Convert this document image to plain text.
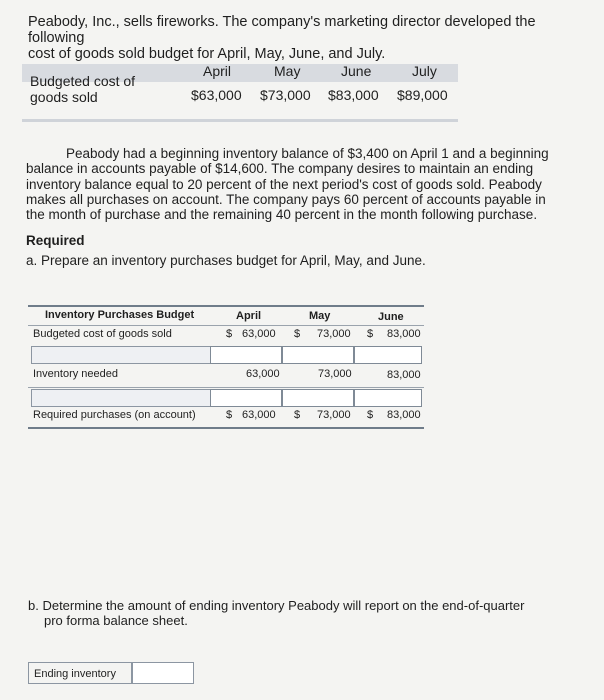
Peabody, Inc., sells fireworks. The company's marketing director developed the following
cost of goods sold budget for April, May, June, and July.
Budgeted cost of
goods sold
April	May	June	July
$63,000 $73,000 $83,000 $89,000
Peabody had a beginning inventory balance of $3,400 on April 1 and a beginning
balance in accounts payable of $14,600. The company desires to maintain an ending
inventory balance equal to 20 percent of the next period's cost of goods sold. Peabody
makes all purchases on account. The company pays 60 percent of accounts payable in
the month of purchase and the remaining 40 percent in the month following purchase.
Required
a. Prepare an inventory purchases budget for April, May, and June.
Inventory Purchases Budget	April	May	June
Budgeted cost of goods sold	$ 63,000 $ 73,000 $ 83,000
Inventory needed	63,000	73,000	83,000
Required purchases (on account)	$ 63,000 $ 73,000 $ 83,000
b. Determine the amount of ending inventory Peabody will report on the end-of-quarter
pro forma balance sheet.
Ending inventory
